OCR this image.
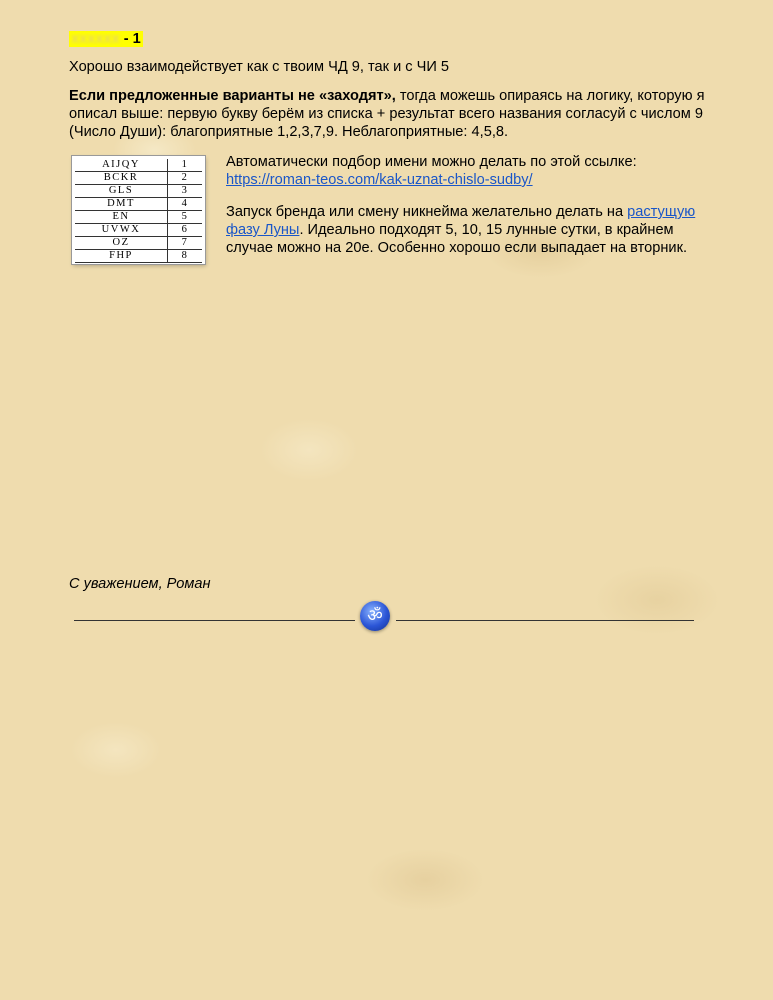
xxxxxx - 1
Хорошо взаимодействует как с твоим ЧД 9, так и с ЧИ 5
Если предложенные варианты не «заходят», тогда можешь опираясь на логику, которую я описал выше: первую букву берём из списка + результат всего названия согласуй с числом 9 (Число Души): благоприятные 1,2,3,7,9. Неблагоприятные: 4,5,8.
AIJQY	1
BCKR	2
GLS	3
DMT	4
EN	5
UVWX	6
OZ	7
FHP	8
Автоматически подбор имени можно делать по этой ссылке:
https://roman-teos.com/kak-uznat-chislo-sudby/
Запуск бренда или смену никнейма желательно делать на растущую фазу Луны. Идеально подходят 5, 10, 15 лунные сутки, в крайнем случае можно на 20е. Особенно хорошо если выпадает на вторник.
С уважением, Роман
ॐ
